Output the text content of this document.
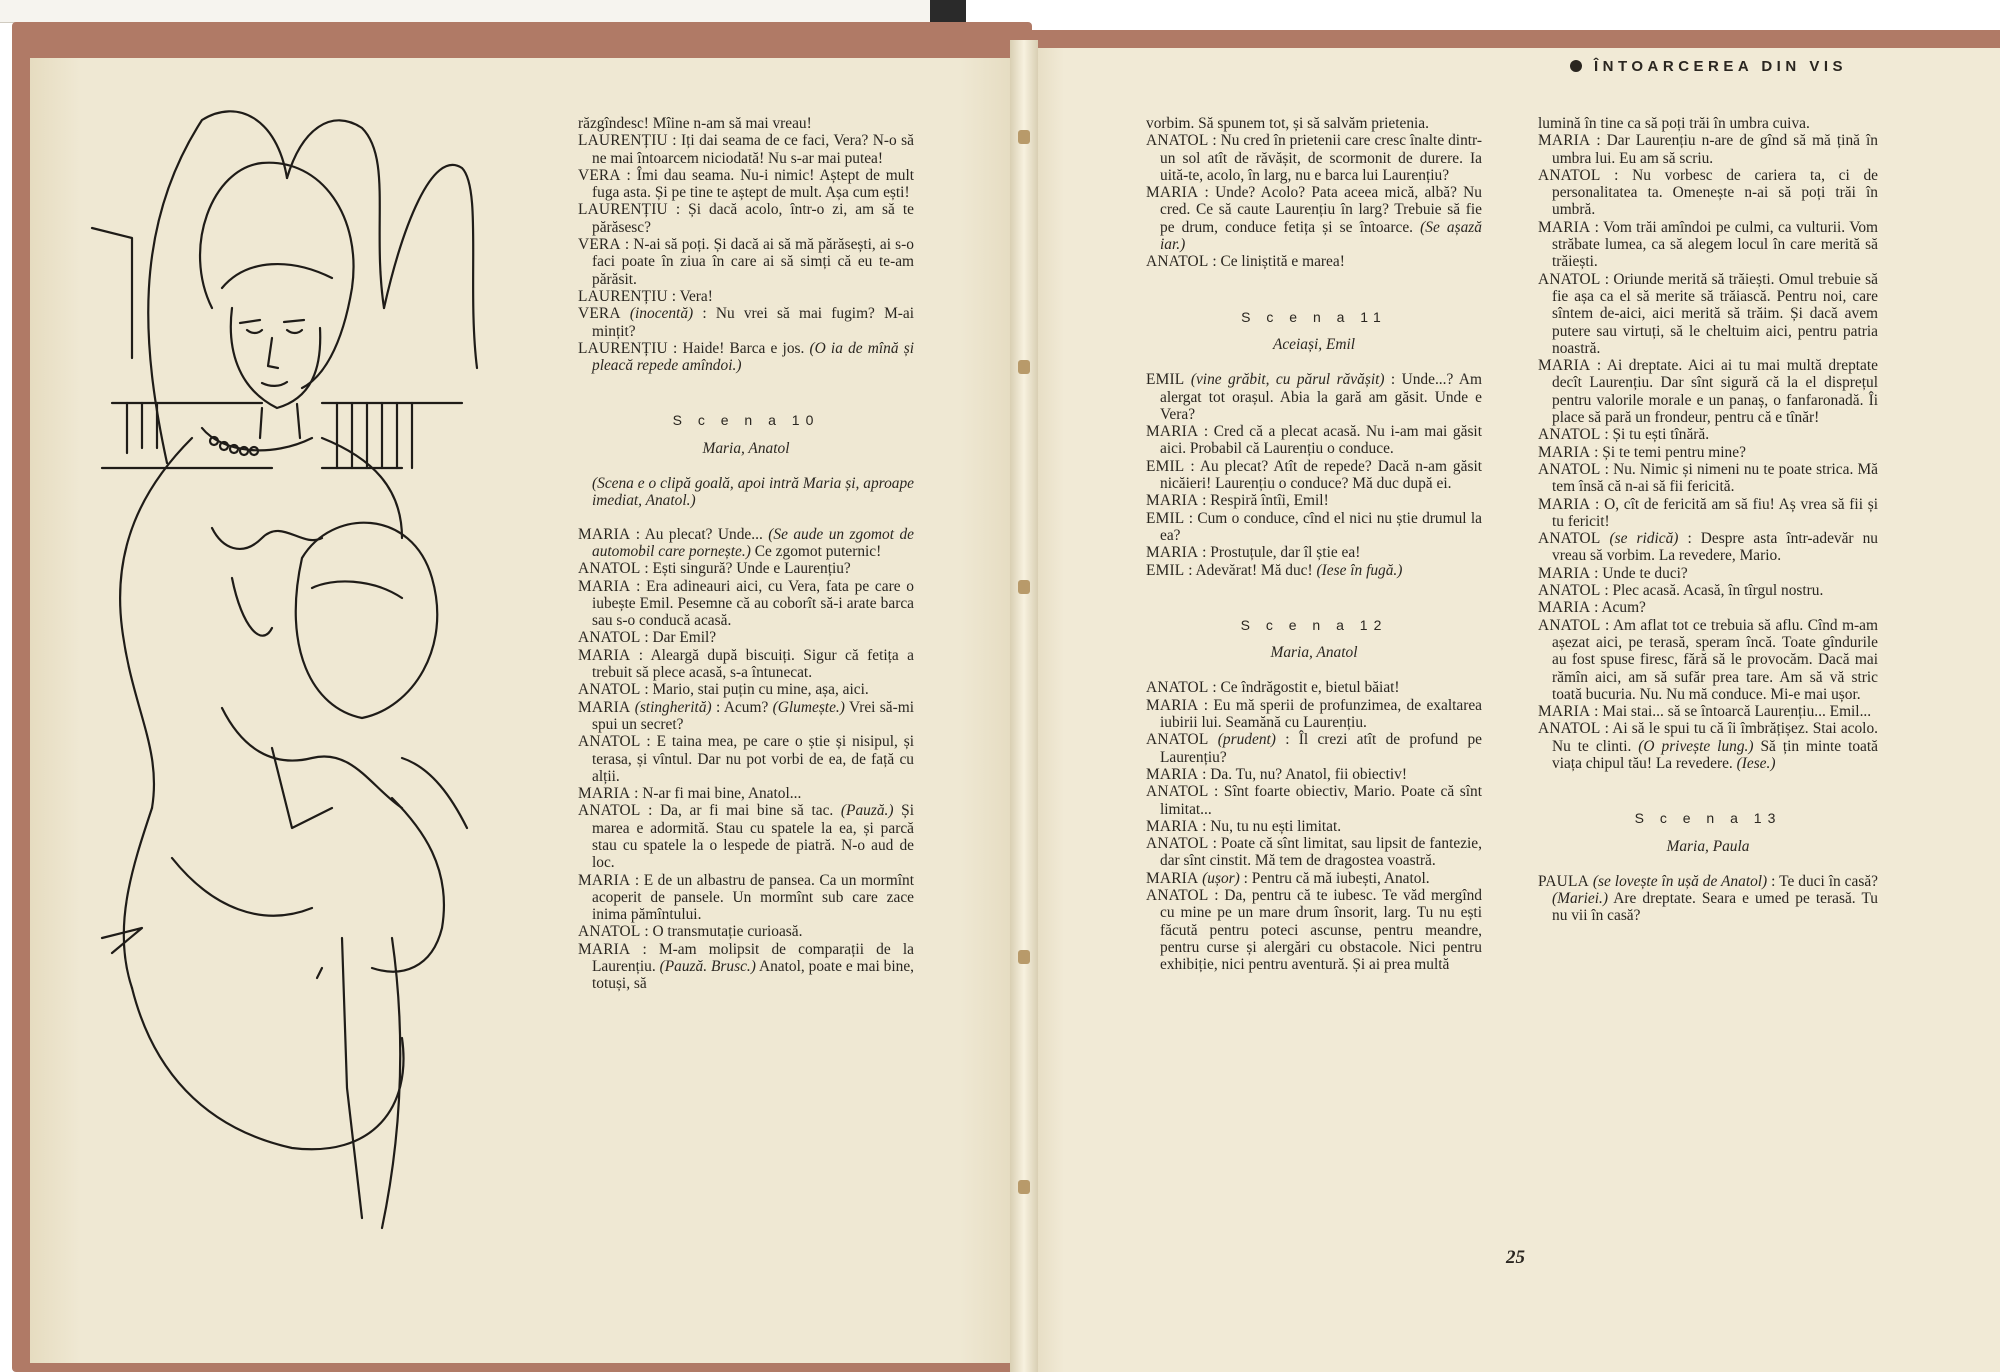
ÎNTOARCEREA DIN VIS

răzgîndesc! Mîine n-am să mai vreau!

LAURENȚIU : Iți dai seama de ce faci, Vera? N-o să ne mai întoarcem niciodată! Nu s-ar mai putea!

VERA : Îmi dau seama. Nu-i nimic! Aștept de mult fuga asta. Și pe tine te aștept de mult. Așa cum ești!

LAURENȚIU : Și dacă acolo, într-o zi, am să te părăsesc?

VERA : N-ai să poți. Și dacă ai să mă părăsești, ai s-o faci poate în ziua în care ai să simți că eu te-am părăsit.

LAURENȚIU : Vera!

VERA (inocentă) : Nu vrei să mai fugim? M-ai mințit?

LAURENȚIU : Haide! Barca e jos. (O ia de mînă și pleacă repede amîndoi.)

S c e n a 10
Maria, Anatol
(Scena e o clipă goală, apoi intră Maria și, aproape imediat, Anatol.)

MARIA : Au plecat? Unde... (Se aude un zgomot de automobil care pornește.) Ce zgomot puternic!

ANATOL : Ești singură? Unde e Laurențiu?

MARIA : Era adineauri aici, cu Vera, fata pe care o iubește Emil. Pesemne că au coborît să-i arate barca sau s-o conducă acasă.

ANATOL : Dar Emil?

MARIA : Aleargă după biscuiți. Sigur că fetița a trebuit să plece acasă, s-a întunecat.

ANATOL : Mario, stai puțin cu mine, așa, aici.

MARIA (stingherită) : Acum? (Glumește.) Vrei să-mi spui un secret?

ANATOL : E taina mea, pe care o știe și nisipul, și terasa, și vîntul. Dar nu pot vorbi de ea, de față cu alții.

MARIA : N-ar fi mai bine, Anatol...

ANATOL : Da, ar fi mai bine să tac. (Pauză.) Și marea e adormită. Stau cu spatele la ea, și parcă stau cu spatele la o lespede de piatră. N-o aud de loc.

MARIA : E de un albastru de pansea. Ca un mormînt acoperit de pansele. Un mormînt sub care zace inima pămîntului.

ANATOL : O transmutație curioasă.

MARIA : M-am molipsit de comparații de la Laurențiu. (Pauză. Brusc.) Anatol, poate e mai bine, totuși, să

vorbim. Să spunem tot, și să salvăm prietenia.

ANATOL : Nu cred în prietenii care cresc înalte dintr-un sol atît de răvășit, de scormonit de durere. Ia uită-te, acolo, în larg, nu e barca lui Laurențiu?

MARIA : Unde? Acolo? Pata aceea mică, albă? Nu cred. Ce să caute Laurențiu în larg? Trebuie să fie pe drum, conduce fetița și se întoarce. (Se așază iar.)

ANATOL : Ce liniștită e marea!

S c e n a 11
Aceiași, Emil

EMIL (vine grăbit, cu părul răvășit) : Unde...? Am alergat tot orașul. Abia la gară am găsit. Unde e Vera?

MARIA : Cred că a plecat acasă. Nu i-am mai găsit aici. Probabil că Laurențiu o conduce.

EMIL : Au plecat? Atît de repede? Dacă n-am găsit nicăieri! Laurențiu o conduce? Mă duc după ei.

MARIA : Respiră întîi, Emil!

EMIL : Cum o conduce, cînd el nici nu știe drumul la ea?

MARIA : Prostuțule, dar îl știe ea!

EMIL : Adevărat! Mă duc! (Iese în fugă.)

S c e n a 12
Maria, Anatol

ANATOL : Ce îndrăgostit e, bietul băiat!

MARIA : Eu mă sperii de profunzimea, de exaltarea iubirii lui. Seamănă cu Laurențiu.

ANATOL (prudent) : Îl crezi atît de profund pe Laurențiu?

MARIA : Da. Tu, nu? Anatol, fii obiectiv!

ANATOL : Sînt foarte obiectiv, Mario. Poate că sînt limitat...

MARIA : Nu, tu nu ești limitat.

ANATOL : Poate că sînt limitat, sau lipsit de fantezie, dar sînt cinstit. Mă tem de dragostea voastră.

MARIA (ușor) : Pentru că mă iubești, Anatol.

ANATOL : Da, pentru că te iubesc. Te văd mergînd cu mine pe un mare drum însorit, larg. Tu nu ești făcută pentru poteci ascunse, pentru meandre, pentru curse și alergări cu obstacole. Nici pentru exhibiție, nici pentru aventură. Și ai prea multă

lumină în tine ca să poți trăi în umbra cuiva.

MARIA : Dar Laurențiu n-are de gînd să mă țină în umbra lui. Eu am să scriu.

ANATOL : Nu vorbesc de cariera ta, ci de personalitatea ta. Omenește n-ai să poți trăi în umbră.

MARIA : Vom trăi amîndoi pe culmi, ca vulturii. Vom străbate lumea, ca să alegem locul în care merită să trăiești.

ANATOL : Oriunde merită să trăiești. Omul trebuie să fie așa ca el să merite să trăiască. Pentru noi, care sîntem de-aici, aici merită să trăim. Și dacă avem putere sau virtuți, să le cheltuim aici, pentru patria noastră.

MARIA : Ai dreptate. Aici ai tu mai multă dreptate decît Laurențiu. Dar sînt sigură că la el disprețul pentru valorile morale e un panaș, o fanfaronadă. Îi place să pară un frondeur, pentru că e tînăr!

ANATOL : Și tu ești tînără.

MARIA : Și te temi pentru mine?

ANATOL : Nu. Nimic și nimeni nu te poate strica. Mă tem însă că n-ai să fii fericită.

MARIA : O, cît de fericită am să fiu! Aș vrea să fii și tu fericit!

ANATOL (se ridică) : Despre asta într-adevăr nu vreau să vorbim. La revedere, Mario.

MARIA : Unde te duci?

ANATOL : Plec acasă. Acasă, în tîrgul nostru.

MARIA : Acum?

ANATOL : Am aflat tot ce trebuia să aflu. Cînd m-am așezat aici, pe terasă, speram încă. Toate gîndurile au fost spuse firesc, fără să le provocăm. Dacă mai rămîn aici, am să sufăr prea tare. Am să vă stric toată bucuria. Nu. Nu mă conduce. Mi-e mai ușor.

MARIA : Mai stai... să se întoarcă Laurențiu... Emil...

ANATOL : Ai să le spui tu că îi îmbrățișez. Stai acolo. Nu te clinti. (O privește lung.) Să țin minte toată viața chipul tău! La revedere. (Iese.)

S c e n a 13
Maria, Paula

PAULA (se lovește în ușă de Anatol) : Te duci în casă? (Mariei.) Are dreptate. Seara e umed pe terasă. Tu nu vii în casă?

25
